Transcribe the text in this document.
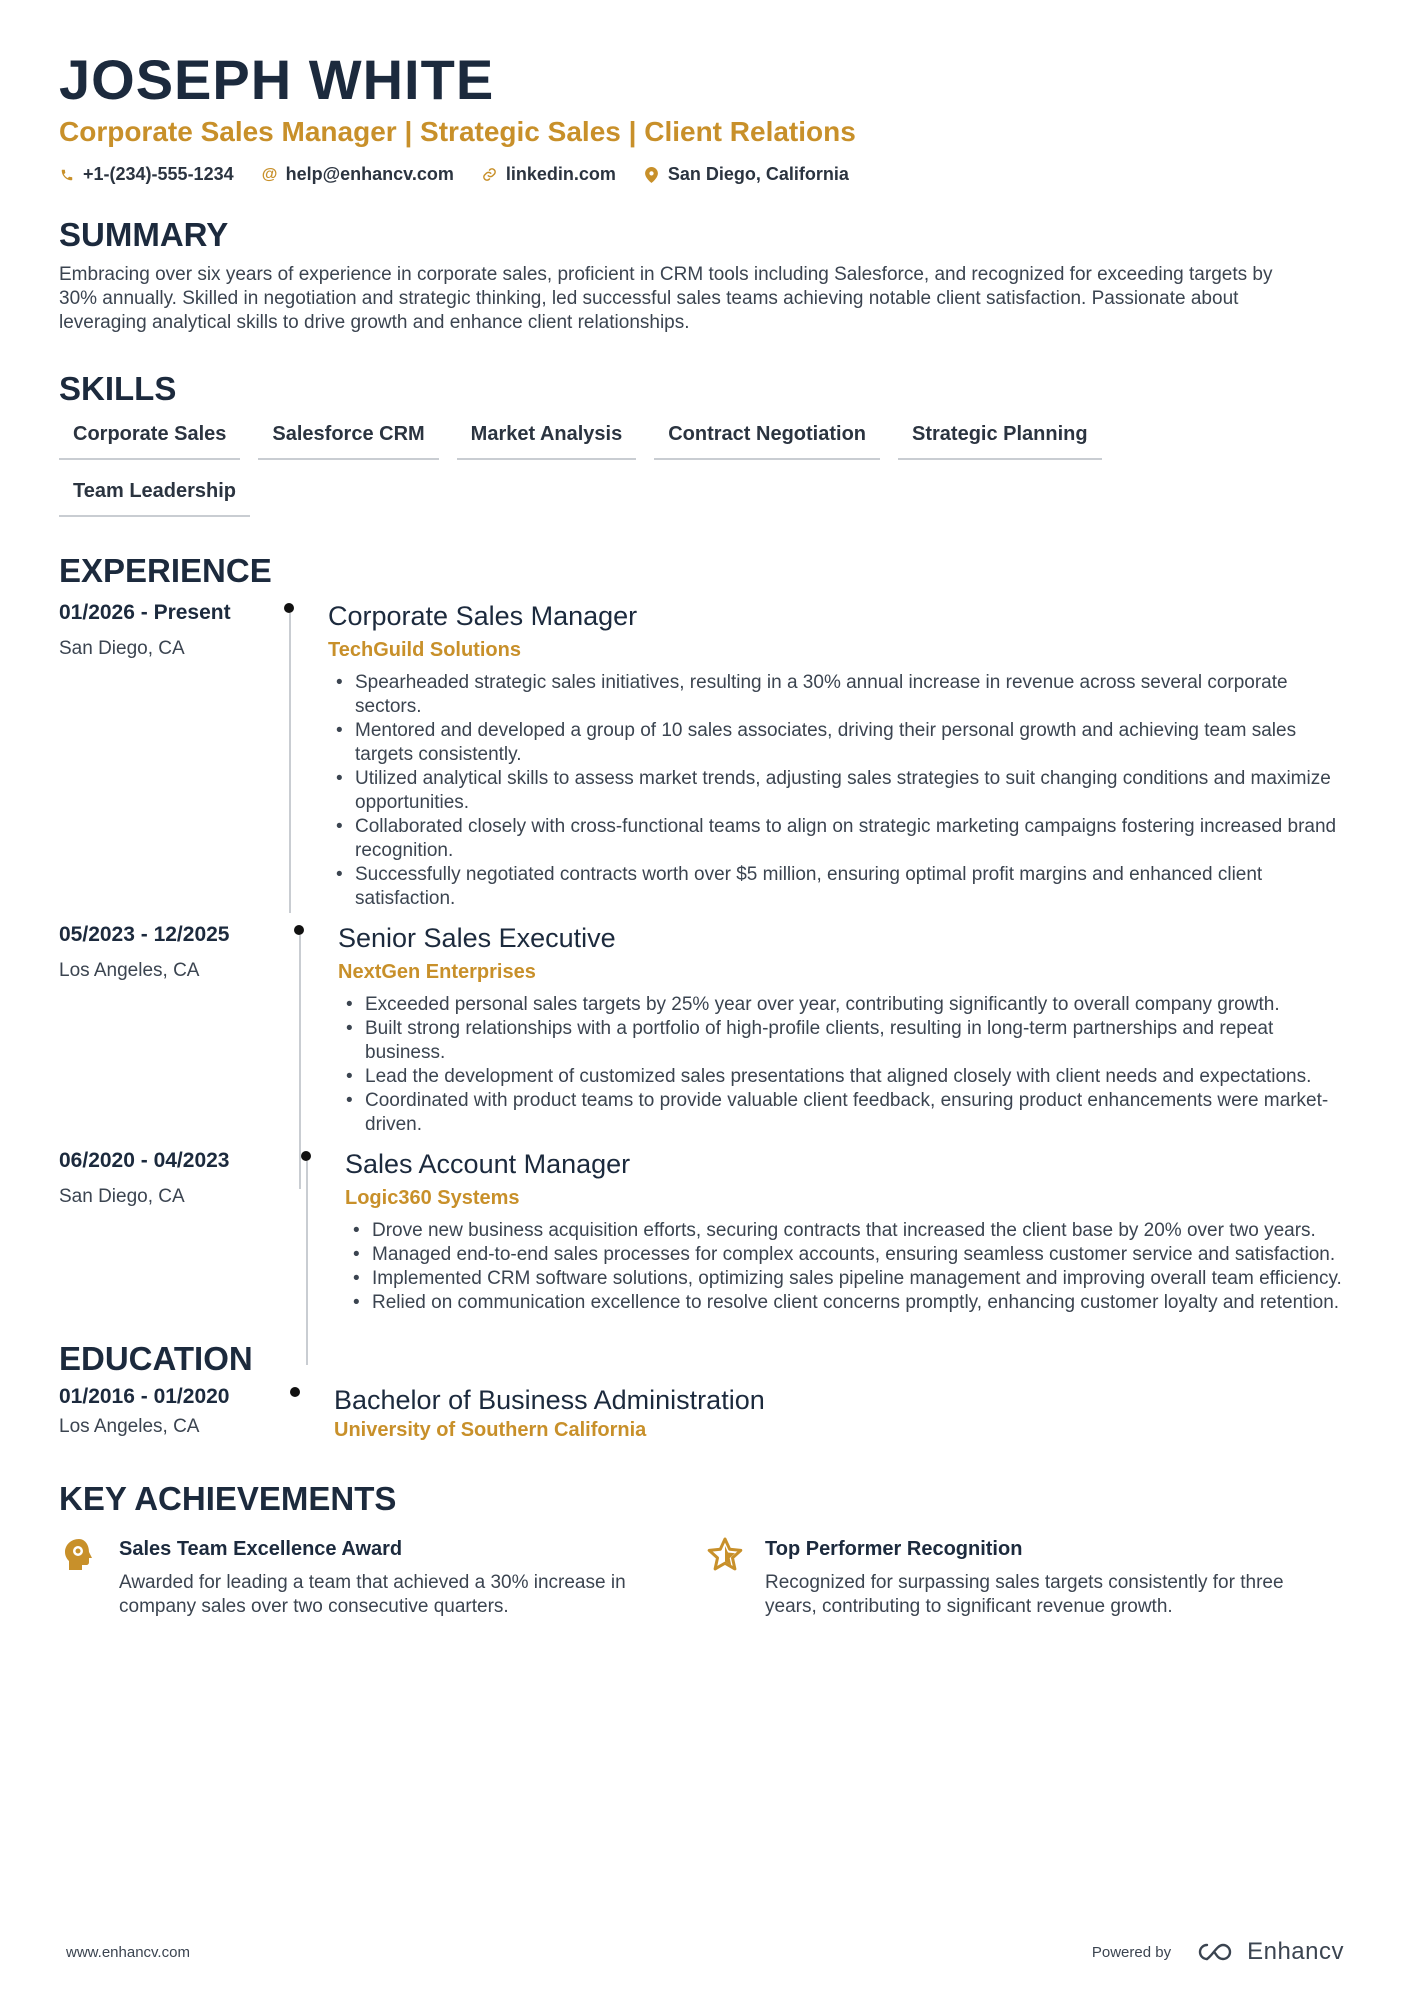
JOSEPH WHITE
Corporate Sales Manager | Strategic Sales | Client Relations
+1-(234)-555-1234 @ help@enhancv.com	linkedin.com	San Diego, California
SUMMARY
Embracing over six years of experience in corporate sales, proficient in CRM tools including Salesforce, and recognized for exceeding targets by 30% annually. Skilled in negotiation and strategic thinking, led successful sales teams achieving notable client satisfaction. Passionate about leveraging analytical skills to drive growth and enhance client relationships.
SKILLS
Corporate Sales	Salesforce CRM	Market Analysis	Contract Negotiation	Strategic Planning
Team Leadership
EXPERIENCE
01/2026 - Present
San Diego, CA
Corporate Sales Manager
TechGuild Solutions
• Spearheaded strategic sales initiatives, resulting in a 30% annual increase in revenue across several corporate sectors.
• Mentored and developed a group of 10 sales associates, driving their personal growth and achieving team sales targets consistently.
• Utilized analytical skills to assess market trends, adjusting sales strategies to suit changing conditions and maximize opportunities.
• Collaborated closely with cross-functional teams to align on strategic marketing campaigns fostering increased brand recognition.
• Successfully negotiated contracts worth over $5 million, ensuring optimal profit margins and enhanced client satisfaction.
05/2023 - 12/2025
Los Angeles, CA
Senior Sales Executive
NextGen Enterprises
• Exceeded personal sales targets by 25% year over year, contributing significantly to overall company growth.
• Built strong relationships with a portfolio of high-profile clients, resulting in long-term partnerships and repeat business.
• Lead the development of customized sales presentations that aligned closely with client needs and expectations.
• Coordinated with product teams to provide valuable client feedback, ensuring product enhancements were market-driven.
06/2020 - 04/2023
San Diego, CA
Sales Account Manager
Logic360 Systems
• Drove new business acquisition efforts, securing contracts that increased the client base by 20% over two years.
• Managed end-to-end sales processes for complex accounts, ensuring seamless customer service and satisfaction.
• Implemented CRM software solutions, optimizing sales pipeline management and improving overall team efficiency.
• Relied on communication excellence to resolve client concerns promptly, enhancing customer loyalty and retention.
EDUCATION
01/2016 - 01/2020
Los Angeles, CA
Bachelor of Business Administration
University of Southern California
KEY ACHIEVEMENTS
Sales Team Excellence Award
Awarded for leading a team that achieved a 30% increase in company sales over two consecutive quarters.
Top Performer Recognition
Recognized for surpassing sales targets consistently for three years, contributing to significant revenue growth.
www.enhancv.com	Powered by	Enhancv
